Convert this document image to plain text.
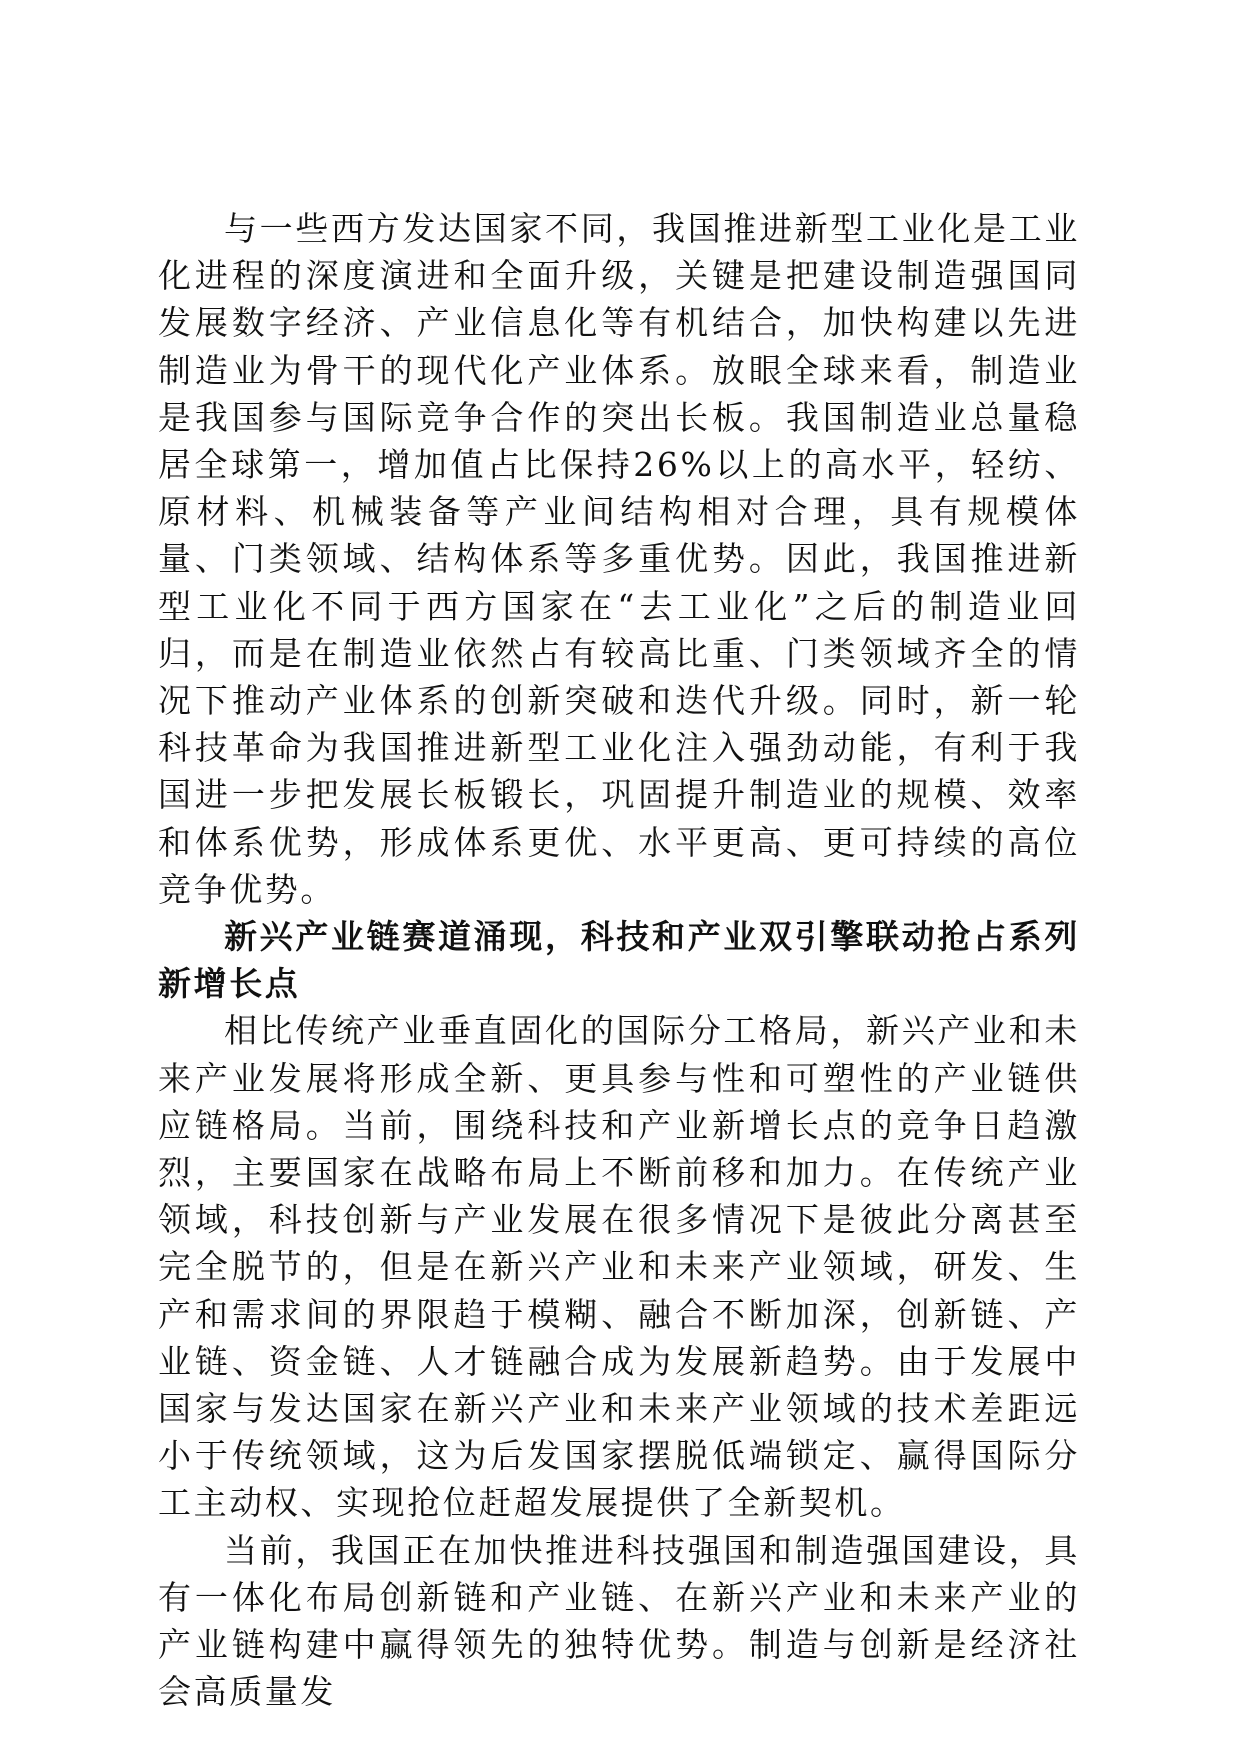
与一些西方发达国家不同，我国推进新型工业化是工业化进程的深度演进和全面升级，关键是把建设制造强国同发展数字经济、产业信息化等有机结合，加快构建以先进制造业为骨干的现代化产业体系。放眼全球来看，制造业是我国参与国际竞争合作的突出长板。我国制造业总量稳居全球第一，增加值占比保持26%以上的高水平，轻纺、原材料、机械装备等产业间结构相对合理，具有规模体量、门类领域、结构体系等多重优势。因此，我国推进新型工业化不同于西方国家在“去工业化”之后的制造业回归，而是在制造业依然占有较高比重、门类领域齐全的情况下推动产业体系的创新突破和迭代升级。同时，新一轮科技革命为我国推进新型工业化注入强劲动能，有利于我国进一步把发展长板锻长，巩固提升制造业的规模、效率和体系优势，形成体系更优、水平更高、更可持续的高位竞争优势。

新兴产业链赛道涌现，科技和产业双引擎联动抢占系列新增长点

相比传统产业垂直固化的国际分工格局，新兴产业和未来产业发展将形成全新、更具参与性和可塑性的产业链供应链格局。当前，围绕科技和产业新增长点的竞争日趋激烈，主要国家在战略布局上不断前移和加力。在传统产业领域，科技创新与产业发展在很多情况下是彼此分离甚至完全脱节的，但是在新兴产业和未来产业领域，研发、生产和需求间的界限趋于模糊、融合不断加深，创新链、产业链、资金链、人才链融合成为发展新趋势。由于发展中国家与发达国家在新兴产业和未来产业领域的技术差距远小于传统领域，这为后发国家摆脱低端锁定、赢得国际分工主动权、实现抢位赶超发展提供了全新契机。

当前，我国正在加快推进科技强国和制造强国建设，具有一体化布局创新链和产业链、在新兴产业和未来产业的产业链构建中赢得领先的独特优势。制造与创新是经济社会高质量发
